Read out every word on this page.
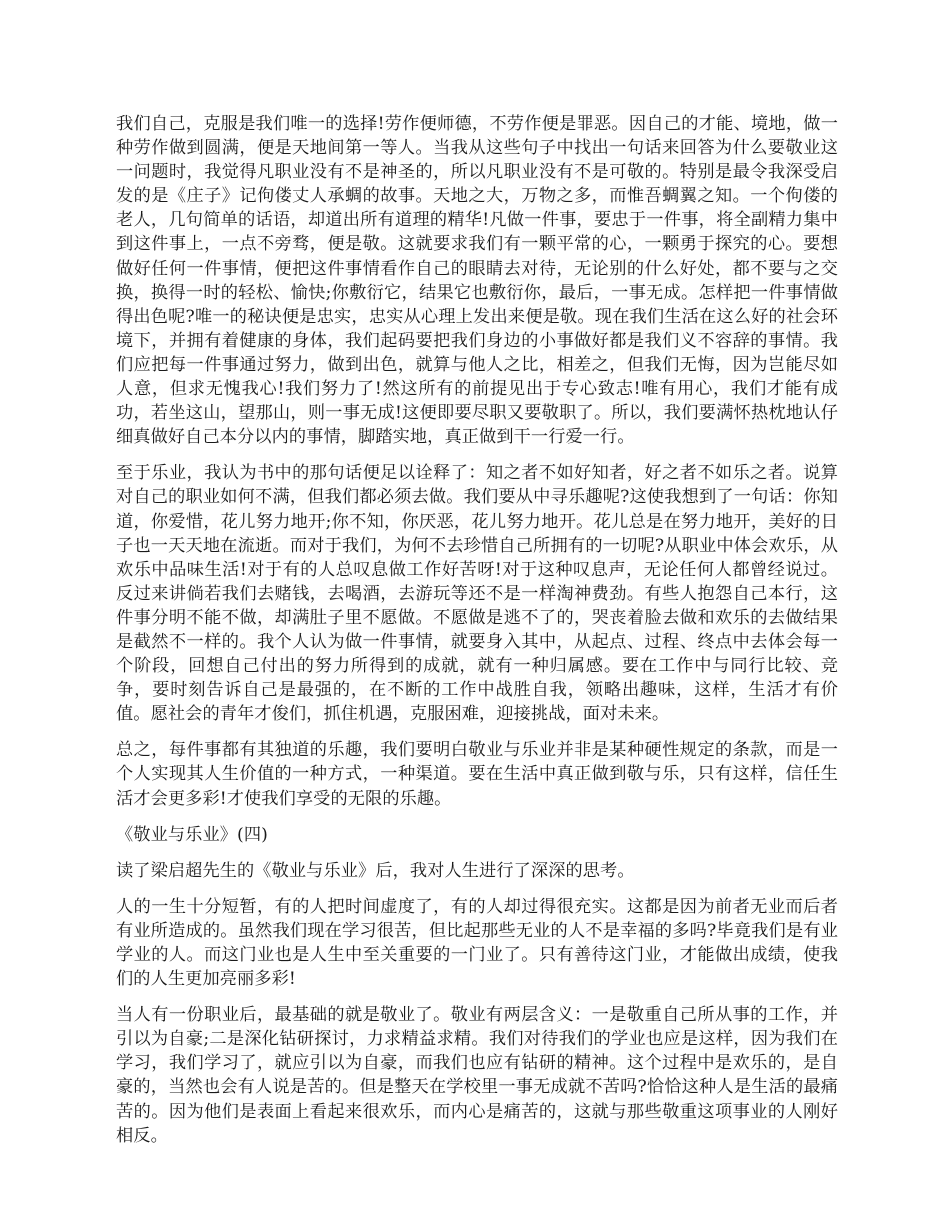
我们自己，克服是我们唯一的选择!劳作便师德，不劳作便是罪恶。因自己的才能、境地，做一种劳作做到圆满，便是天地间第一等人。当我从这些句子中找出一句话来回答为什么要敬业这一问题时，我觉得凡职业没有不是神圣的，所以凡职业没有不是可敬的。特别是最令我深受启发的是《庄子》记佝偻丈人承蜩的故事。天地之大，万物之多，而惟吾蜩翼之知。一个佝偻的老人，几句简单的话语，却道出所有道理的精华!凡做一件事，要忠于一件事，将全副精力集中到这件事上，一点不旁骛，便是敬。这就要求我们有一颗平常的心，一颗勇于探究的心。要想做好任何一件事情，便把这件事情看作自己的眼睛去对待，无论别的什么好处，都不要与之交换，换得一时的轻松、愉快;你敷衍它，结果它也敷衍你，最后，一事无成。怎样把一件事情做得出色呢?唯一的秘诀便是忠实，忠实从心理上发出来便是敬。现在我们生活在这么好的社会环境下，并拥有着健康的身体，我们起码要把我们身边的小事做好都是我们义不容辞的事情。我们应把每一件事通过努力，做到出色，就算与他人之比，相差之，但我们无悔，因为岂能尽如人意，但求无愧我心!我们努力了!然这所有的前提见出于专心致志!唯有用心，我们才能有成功，若坐这山，望那山，则一事无成!这便即要尽职又要敬职了。所以，我们要满怀热枕地认仔细真做好自己本分以内的事情，脚踏实地，真正做到干一行爱一行。

至于乐业，我认为书中的那句话便足以诠释了：知之者不如好知者，好之者不如乐之者。说算对自己的职业如何不满，但我们都必须去做。我们要从中寻乐趣呢?这使我想到了一句话：你知道，你爱惜，花儿努力地开;你不知，你厌恶，花儿努力地开。花儿总是在努力地开，美好的日子也一天天地在流逝。而对于我们，为何不去珍惜自己所拥有的一切呢?从职业中体会欢乐，从欢乐中品味生活!对于有的人总叹息做工作好苦呀!对于这种叹息声，无论任何人都曾经说过。反过来讲倘若我们去赌钱，去喝酒，去游玩等还不是一样淘神费劲。有些人抱怨自己本行，这件事分明不能不做，却满肚子里不愿做。不愿做是逃不了的，哭丧着脸去做和欢乐的去做结果是截然不一样的。我个人认为做一件事情，就要身入其中，从起点、过程、终点中去体会每一个阶段，回想自己付出的努力所得到的成就，就有一种归属感。要在工作中与同行比较、竞争，要时刻告诉自己是最强的，在不断的工作中战胜自我，领略出趣味，这样，生活才有价值。愿社会的青年才俊们，抓住机遇，克服困难，迎接挑战，面对未来。

总之，每件事都有其独道的乐趣，我们要明白敬业与乐业并非是某种硬性规定的条款，而是一个人实现其人生价值的一种方式，一种渠道。要在生活中真正做到敬与乐，只有这样，信任生活才会更多彩!才使我们享受的无限的乐趣。

《敬业与乐业》(四)

读了梁启超先生的《敬业与乐业》后，我对人生进行了深深的思考。

人的一生十分短暂，有的人把时间虚度了，有的人却过得很充实。这都是因为前者无业而后者有业所造成的。虽然我们现在学习很苦，但比起那些无业的人不是幸福的多吗?毕竟我们是有业学业的人。而这门业也是人生中至关重要的一门业了。只有善待这门业，才能做出成绩，使我们的人生更加亮丽多彩!

当人有一份职业后，最基础的就是敬业了。敬业有两层含义：一是敬重自己所从事的工作，并引以为自豪;二是深化钻研探讨，力求精益求精。我们对待我们的学业也应是这样，因为我们在学习，我们学习了，就应引以为自豪，而我们也应有钻研的精神。这个过程中是欢乐的，是自豪的，当然也会有人说是苦的。但是整天在学校里一事无成就不苦吗?恰恰这种人是生活的最痛苦的。因为他们是表面上看起来很欢乐，而内心是痛苦的，这就与那些敬重这项事业的人刚好相反。
